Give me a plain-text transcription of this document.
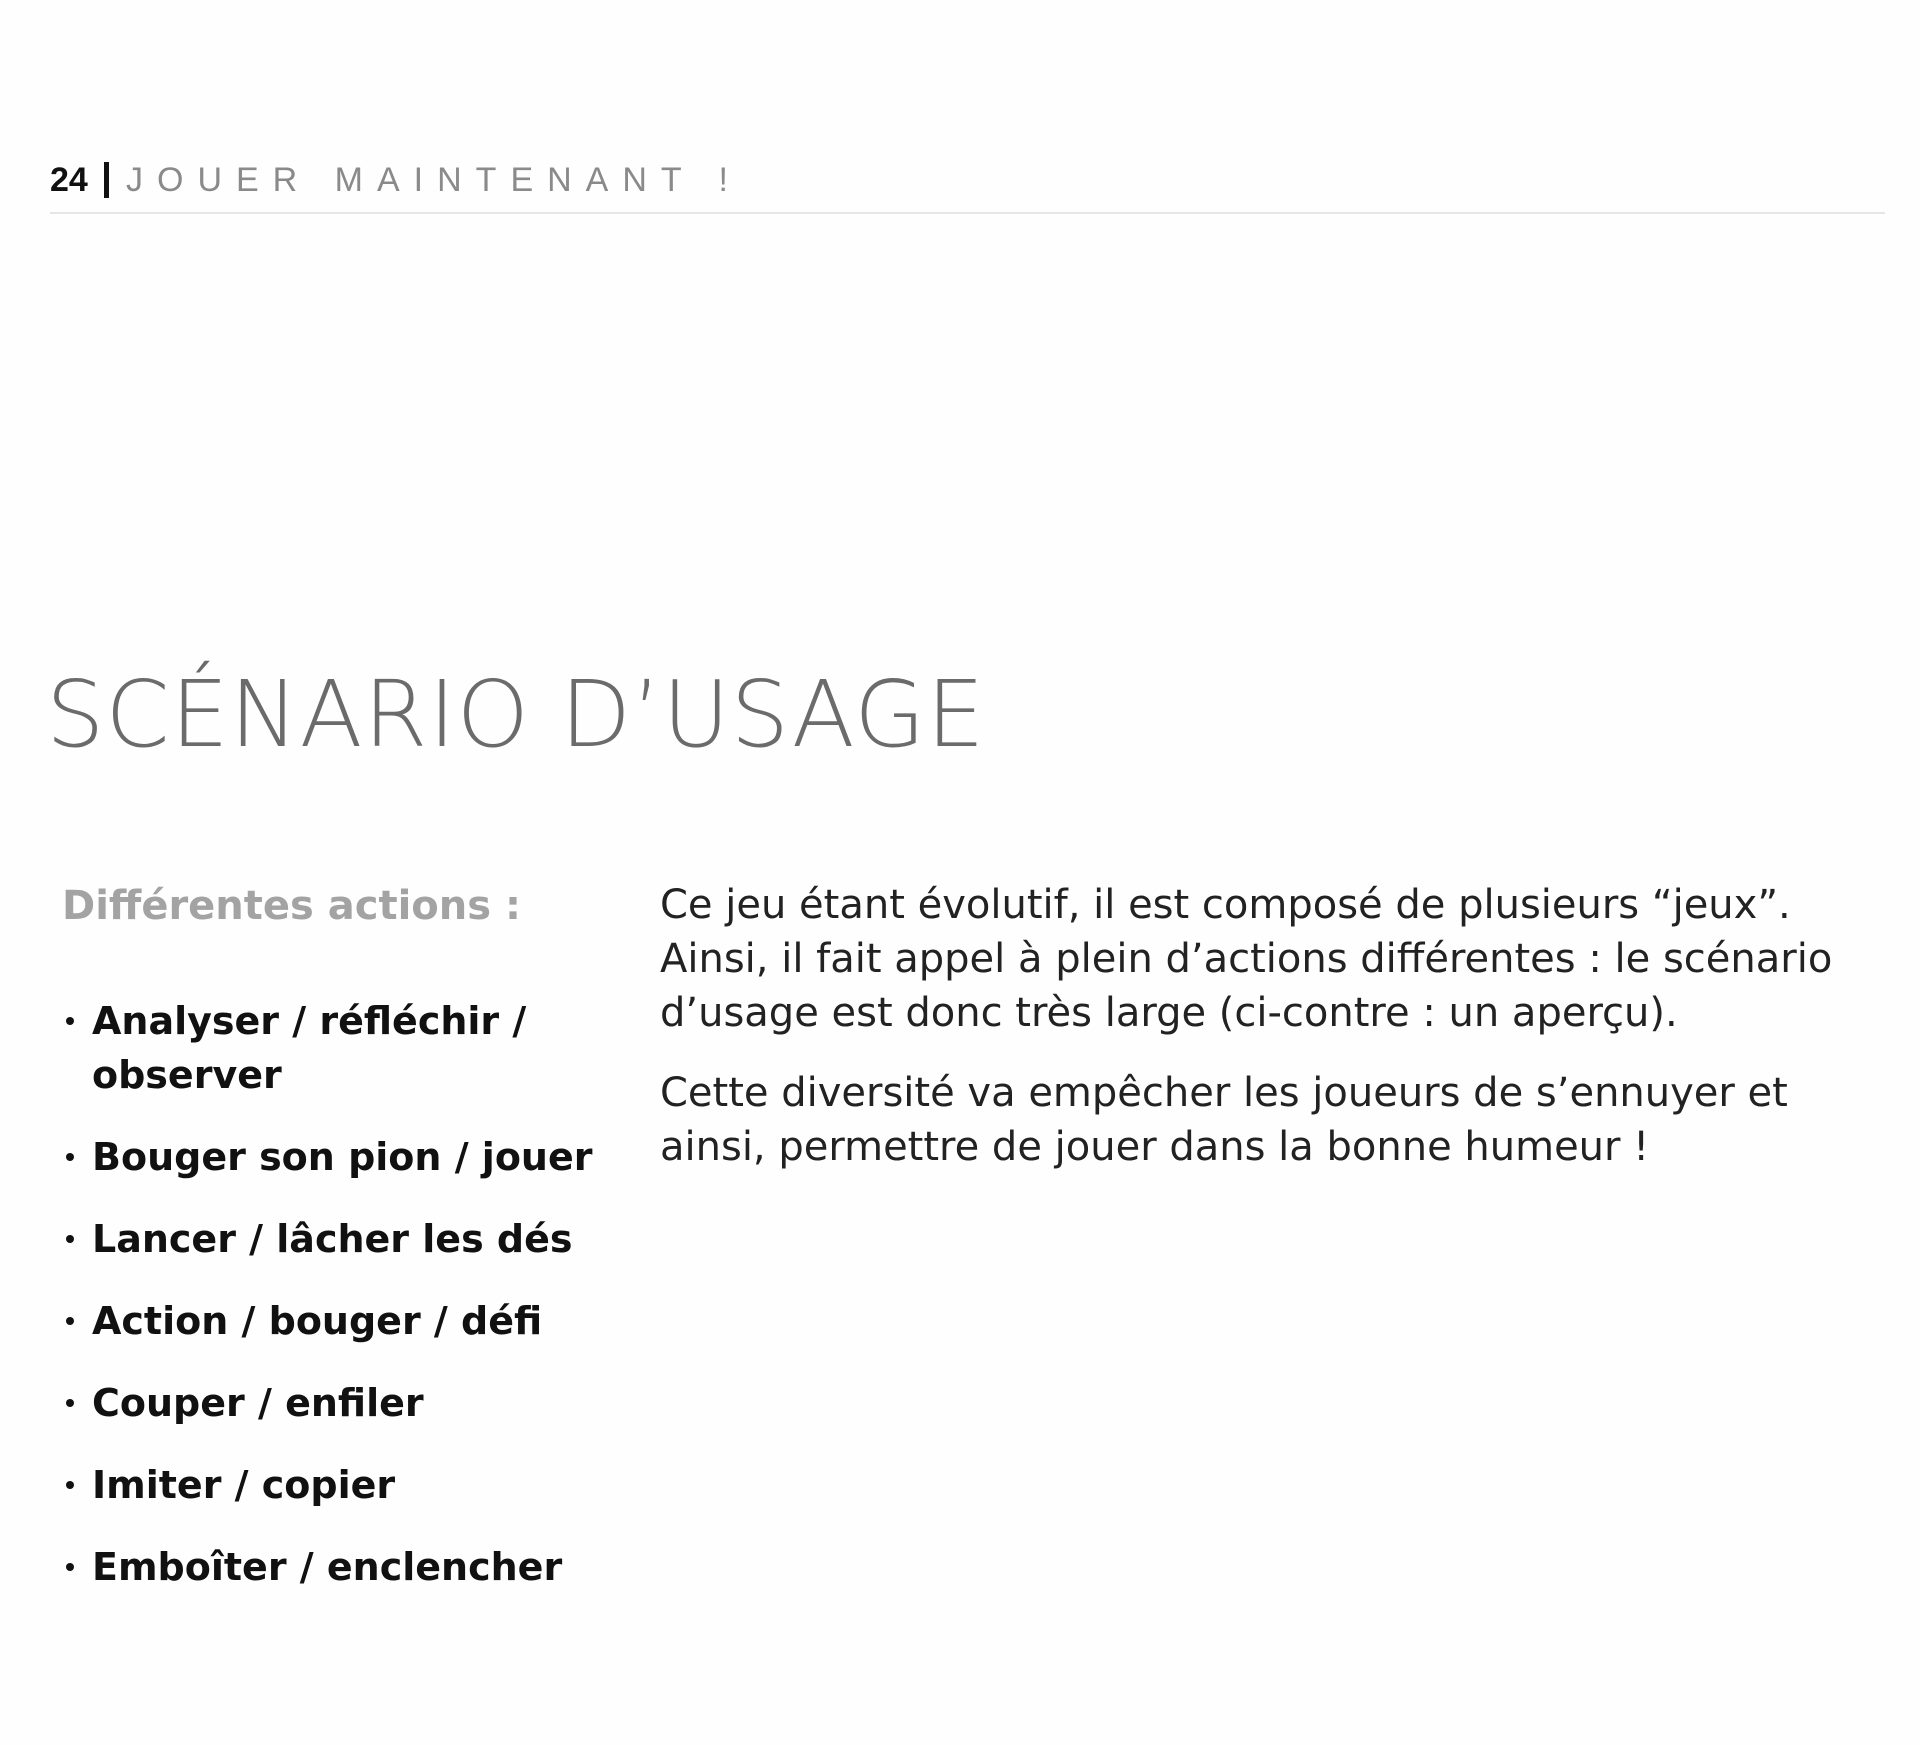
24 JOUER MAINTENANT !
SCÉNARIO D’USAGE
Différentes actions :
Analyser / réfléchir / observer
Bouger son pion / jouer
Lancer / lâcher les dés
Action / bouger / défi
Couper / enfiler
Imiter / copier
Emboîter / enclencher

Ce jeu étant évolutif, il est composé de plusieurs “jeux”. Ainsi, il fait appel à plein d’actions différentes : le scénario d’usage est donc très large (ci-contre : un aperçu).

Cette diversité va empêcher les joueurs de s’ennuyer et ainsi, permettre de jouer dans la bonne humeur !
